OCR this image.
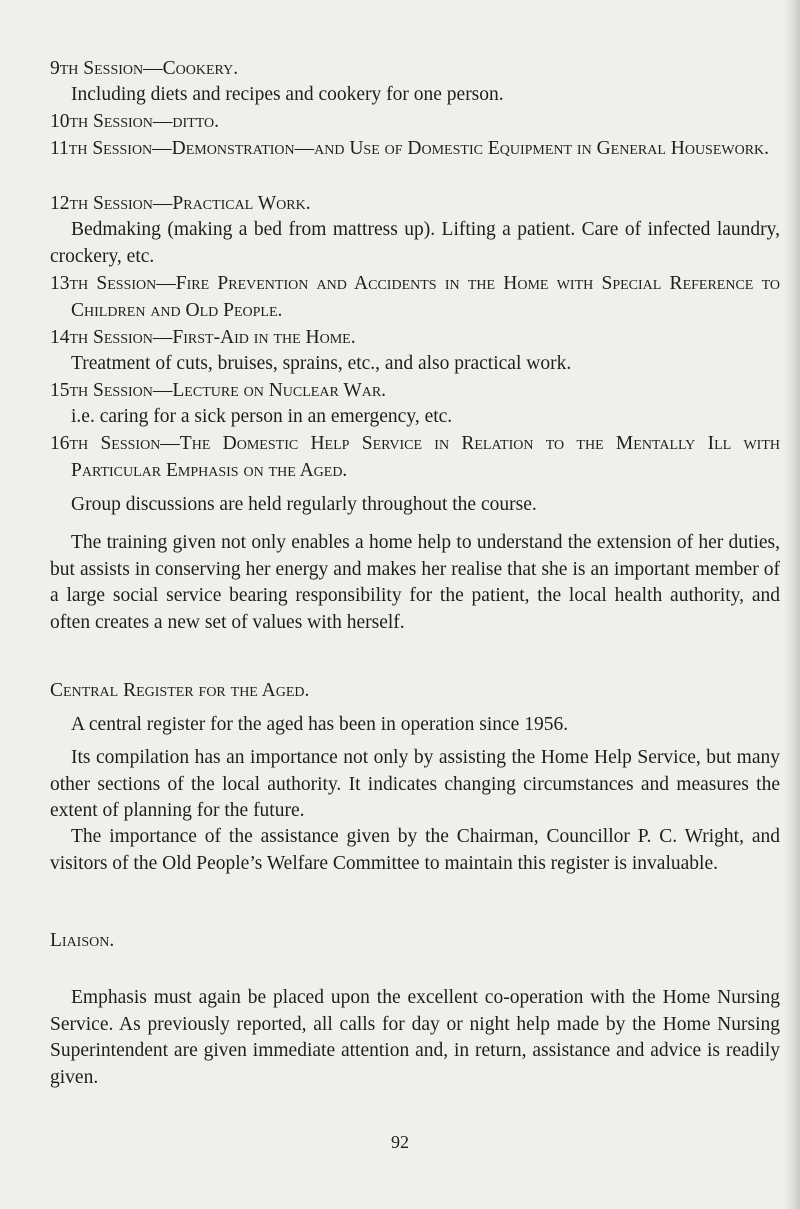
9th Session—Cookery.

Including diets and recipes and cookery for one person.

10th Session—ditto.

11th Session—Demonstration—and Use of Domestic Equipment in General Housework.

12th Session—Practical Work.

Bedmaking (making a bed from mattress up). Lifting a patient. Care of infected laundry, crockery, etc.

13th Session—Fire Prevention and Accidents in the Home with Special Reference to Children and Old People.

14th Session—First-Aid in the Home.

Treatment of cuts, bruises, sprains, etc., and also practical work.

15th Session—Lecture on Nuclear War.

i.e. caring for a sick person in an emergency, etc.

16th Session—The Domestic Help Service in Relation to the Mentally Ill with Particular Emphasis on the Aged.

Group discussions are held regularly throughout the course.

The training given not only enables a home help to understand the extension of her duties, but assists in conserving her energy and makes her realise that she is an important member of a large social service bearing responsibility for the patient, the local health authority, and often creates a new set of values with herself.

Central Register for the Aged.

A central register for the aged has been in operation since 1956.

Its compilation has an importance not only by assisting the Home Help Service, but many other sections of the local authority. It indicates changing circumstances and measures the extent of planning for the future.

The importance of the assistance given by the Chairman, Councillor P. C. Wright, and visitors of the Old People’s Welfare Committee to maintain this register is invaluable.

Liaison.

Emphasis must again be placed upon the excellent co-operation with the Home Nursing Service. As previously reported, all calls for day or night help made by the Home Nursing Superintendent are given immediate attention and, in return, assistance and advice is readily given.

92
